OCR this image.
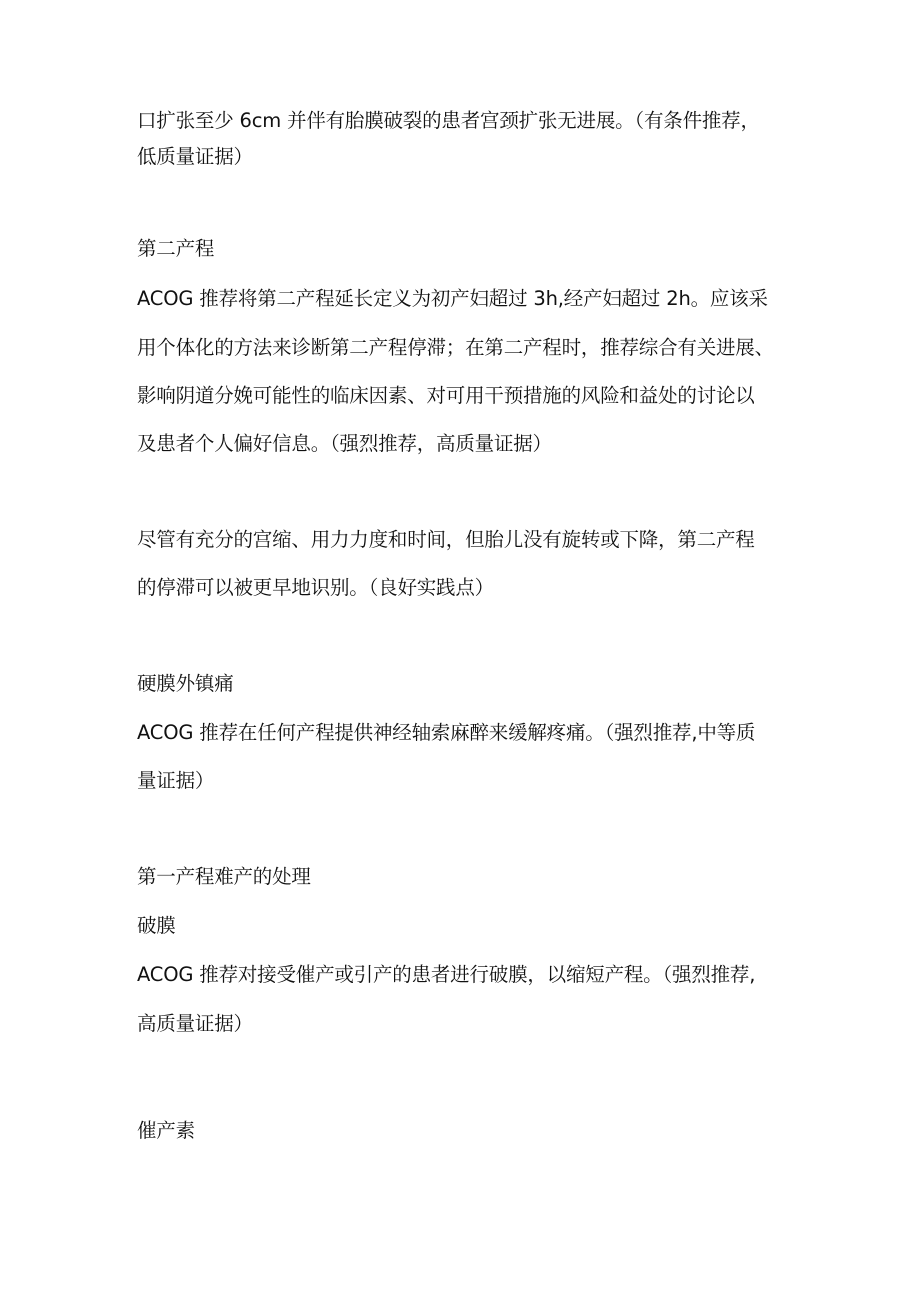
口扩张至少 6cm 并伴有胎膜破裂的患者宫颈扩张无进展。（有条件推荐，
低质量证据）
第二产程
ACOG 推荐将第二产程延长定义为初产妇超过 3h,经产妇超过 2h。应该采
用个体化的方法来诊断第二产程停滞；在第二产程时，推荐综合有关进展、
影响阴道分娩可能性的临床因素、对可用干预措施的风险和益处的讨论以
及患者个人偏好信息。（强烈推荐，高质量证据）
尽管有充分的宫缩、用力力度和时间，但胎儿没有旋转或下降，第二产程
的停滞可以被更早地识别。（良好实践点）
硬膜外镇痛
ACOG 推荐在任何产程提供神经轴索麻醉来缓解疼痛。（强烈推荐,中等质
量证据）
第一产程难产的处理
破膜
ACOG 推荐对接受催产或引产的患者进行破膜，以缩短产程。（强烈推荐,
高质量证据）
催产素
